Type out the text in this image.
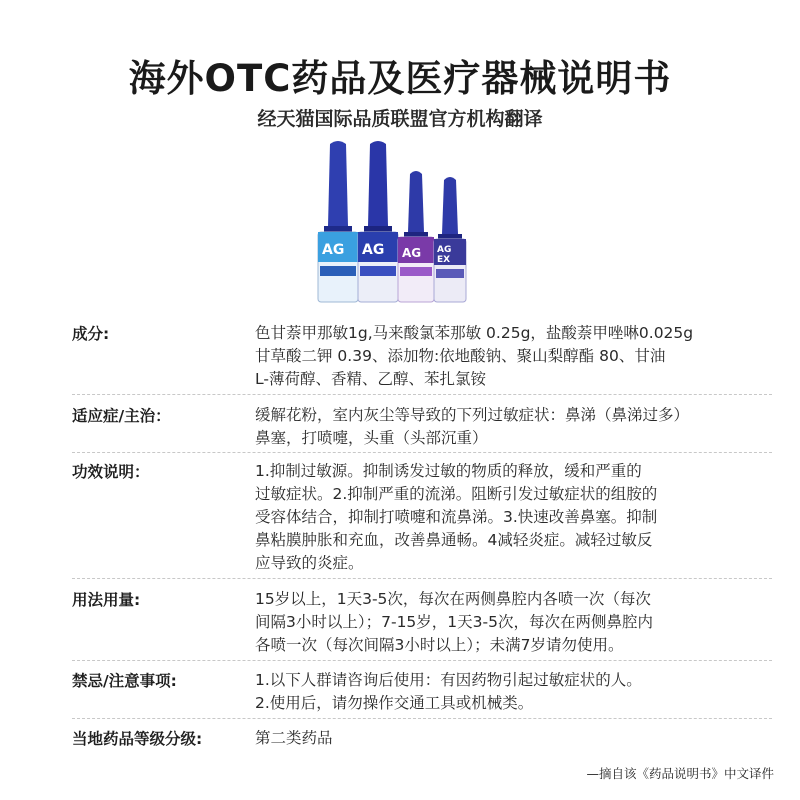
海外OTC药品及医疗器械说明书
经天猫国际品质联盟官方机构翻译
AG AG AG AG
EX
成分:	色甘萘甲那敏1g,马来酸氯苯那敏 0.25g，盐酸萘甲唑啉0.025g
甘草酸二钾 0.39、添加物:依地酸钠、聚山梨醇酯 80、甘油
L-薄荷醇、香精、乙醇、苯扎氯铵
适应症/主治：	缓解花粉，室内灰尘等导致的下列过敏症状：鼻涕（鼻涕过多）
鼻塞，打喷嚏，头重（头部沉重）
功效说明：	1.抑制过敏源。抑制诱发过敏的物质的释放，缓和严重的
过敏症状。2.抑制严重的流涕。阻断引发过敏症状的组胺的
受容体结合，抑制打喷嚏和流鼻涕。3.快速改善鼻塞。抑制
鼻粘膜肿胀和充血，改善鼻通畅。4减轻炎症。减轻过敏反
应导致的炎症。
用法用量:	15岁以上，1天3-5次，每次在两侧鼻腔内各喷一次（每次
间隔3小时以上）；7-15岁，1天3-5次，每次在两侧鼻腔内
各喷一次（每次间隔3小时以上）；未满7岁请勿使用。
禁忌/注意事项:	1.以下人群请咨询后使用：有因药物引起过敏症状的人。
2.使用后，请勿操作交通工具或机械类。
当地药品等级分级:	第二类药品
—摘自该《药品说明书》中文译件
